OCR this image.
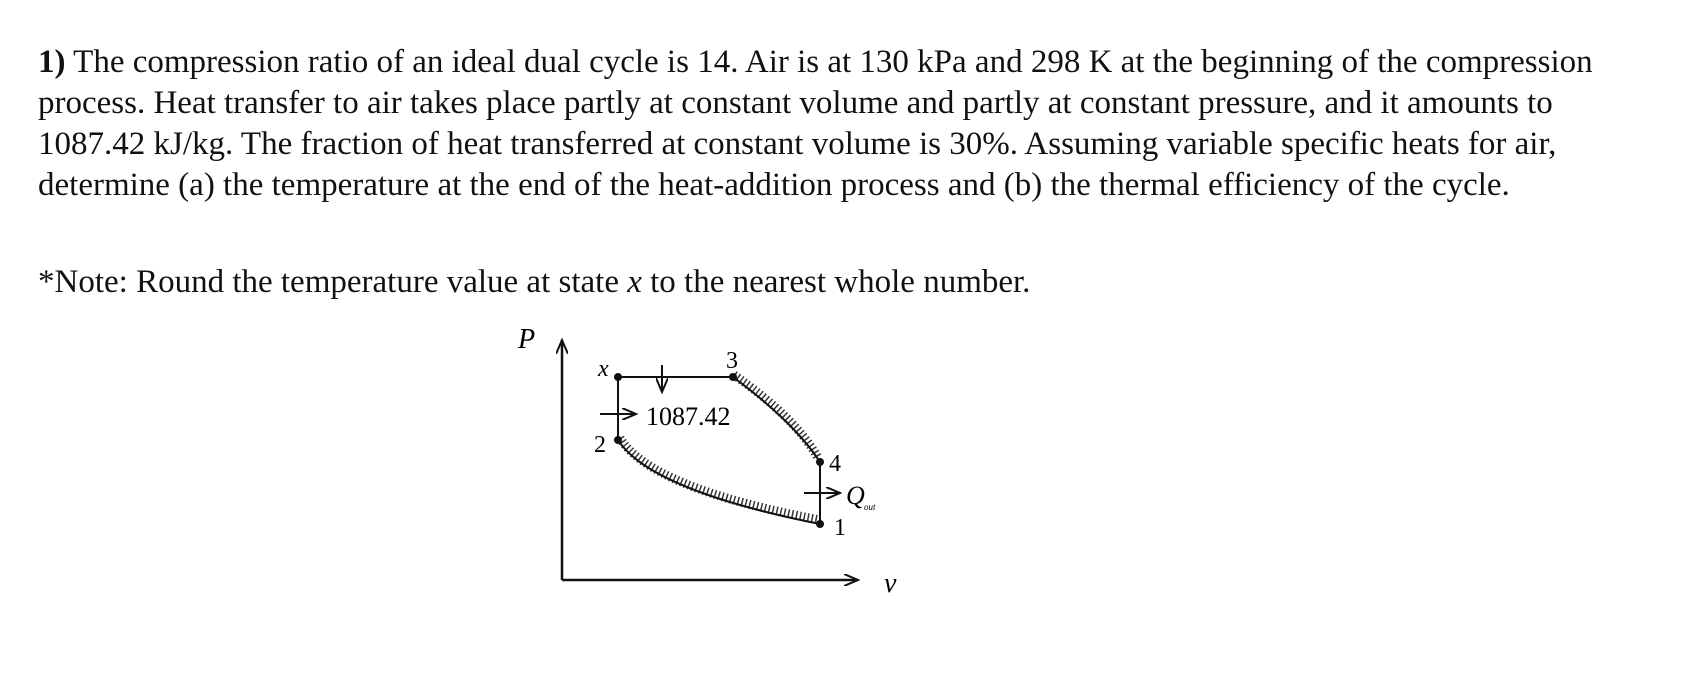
1) The compression ratio of an ideal dual cycle is 14. Air is at 130 kPa and 298 K at the beginning of the compression process. Heat transfer to air takes place partly at constant volume and partly at constant pressure, and it amounts to 1087.42 kJ/kg. The fraction of heat transferred at constant volume is 30%. Assuming variable specific heats for air, determine (a) the temperature at the end of the heat-addition process and (b) the thermal efficiency of the cycle.
*Note: Round the temperature value at state x to the nearest whole number.
P
v
2
x	3
4
1
1087.42
Q out
